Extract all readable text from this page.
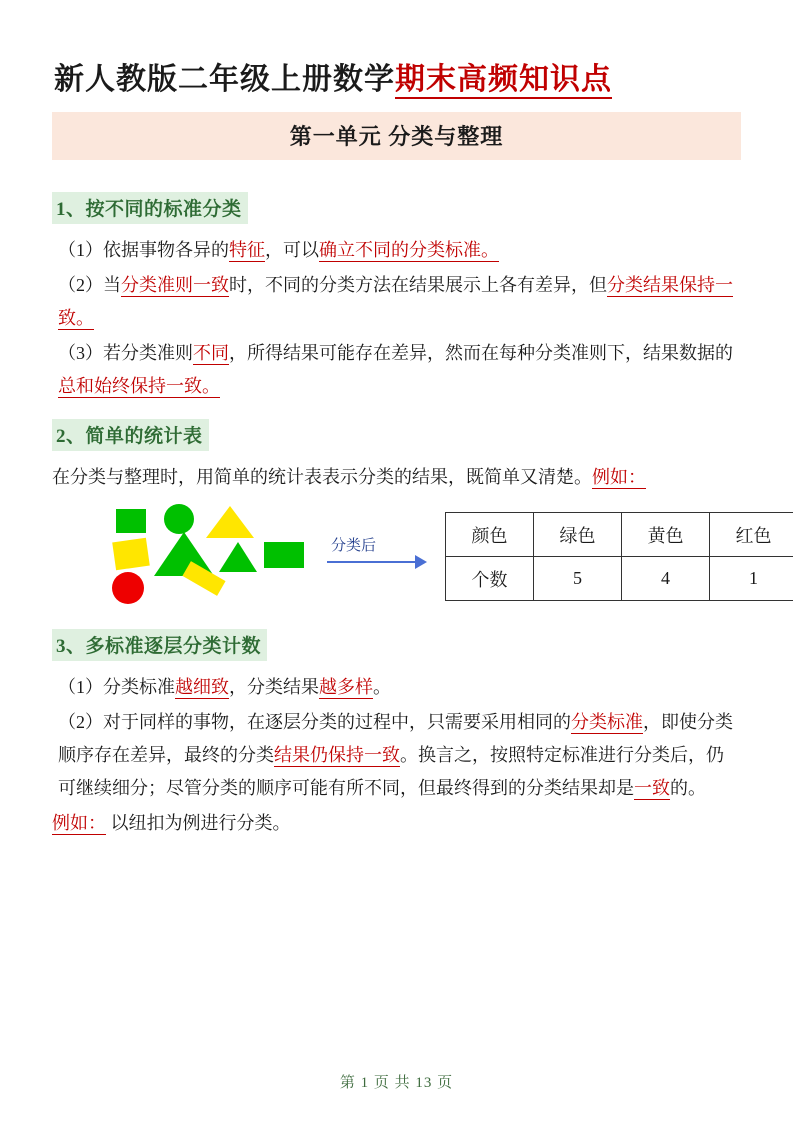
新人教版二年级上册数学期末高频知识点
第一单元 分类与整理
1、按不同的标准分类
（1）依据事物各异的特征，可以确立不同的分类标准。
（2）当分类准则一致时，不同的分类方法在结果展示上各有差异，但分类结果保持一致。
（3）若分类准则不同，所得结果可能存在差异，然而在每种分类准则下，结果数据的总和始终保持一致。
2、简单的统计表
在分类与整理时，用简单的统计表表示分类的结果，既简单又清楚。例如：
分类后	颜色	绿色	黄色	红色
个数	5	4	1
3、多标准逐层分类计数
（1）分类标准越细致，分类结果越多样。
（2）对于同样的事物，在逐层分类的过程中，只需要采用相同的分类标准，即使分类顺序存在差异，最终的分类结果仍保持一致。换言之，按照特定标准进行分类后，仍可继续细分；尽管分类的顺序可能有所不同，但最终得到的分类结果却是一致的。
例如： 以纽扣为例进行分类。
第 1 页 共 13 页
